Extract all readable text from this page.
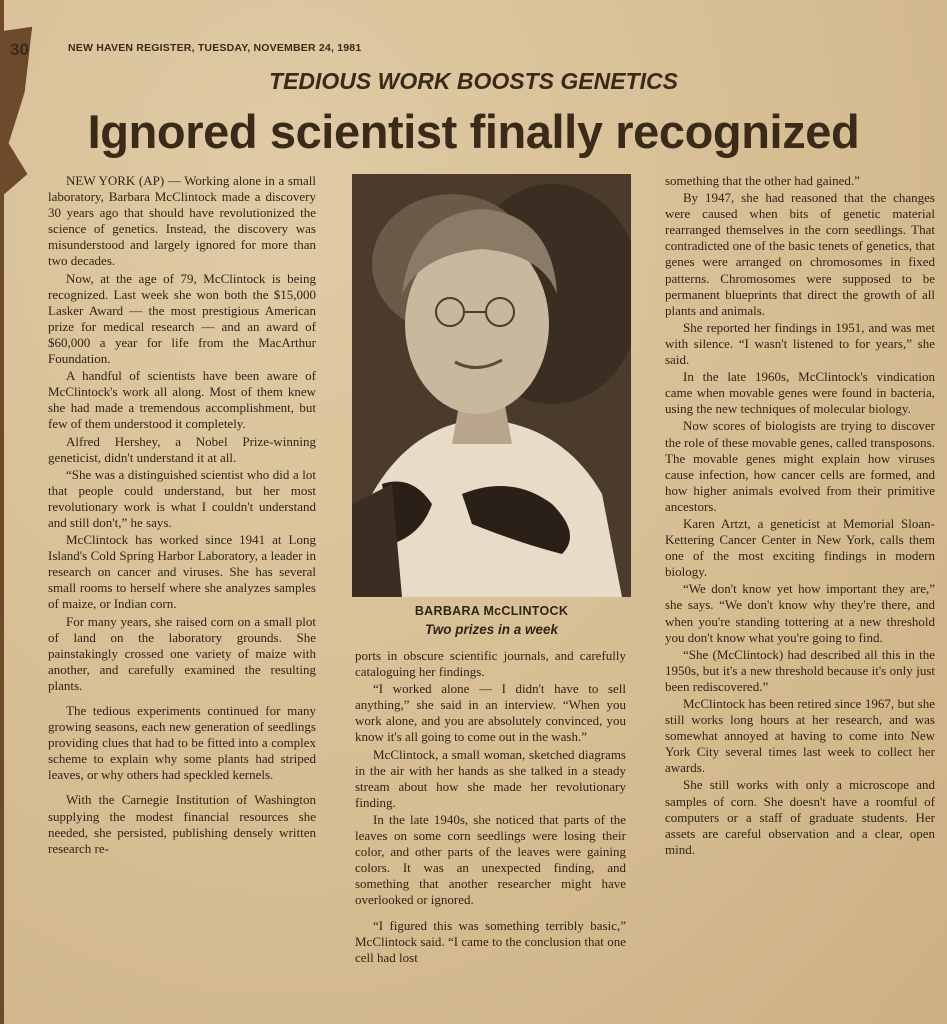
30	NEW HAVEN REGISTER, TUESDAY, NOVEMBER 24, 1981
TEDIOUS WORK BOOSTS GENETICS
Ignored scientist finally recognized

NEW YORK (AP) — Working alone in a small laboratory, Barbara McClintock made a discovery 30 years ago that should have revolutionized the science of genetics. Instead, the discovery was misunderstood and largely ignored for more than two decades.

Now, at the age of 79, McClintock is being recognized. Last week she won both the $15,000 Lasker Award — the most prestigious American prize for medical research — and an award of $60,000 a year for life from the MacArthur Foundation.

A handful of scientists have been aware of McClintock's work all along. Most of them knew she had made a tremendous accomplishment, but few of them understood it completely.

Alfred Hershey, a Nobel Prize-winning geneticist, didn't understand it at all.

“She was a distinguished scientist who did a lot that people could understand, but her most revolutionary work is what I couldn't understand and still don't,” he says.

McClintock has worked since 1941 at Long Island's Cold Spring Harbor Laboratory, a leader in research on cancer and viruses. She has several small rooms to herself where she analyzes samples of maize, or Indian corn.

For many years, she raised corn on a small plot of land on the laboratory grounds. She painstakingly crossed one variety of maize with another, and carefully examined the resulting plants.

The tedious experiments continued for many growing seasons, each new generation of seedlings providing clues that had to be fitted into a complex scheme to explain why some plants had striped leaves, or why others had speckled kernels.

With the Carnegie Institution of Washington supplying the modest financial resources she needed, she persisted, publishing densely written research re-

BARBARA McCLINTOCK
Two prizes in a week

ports in obscure scientific journals, and carefully cataloguing her findings.

“I worked alone — I didn't have to sell anything,” she said in an interview. “When you work alone, and you are absolutely convinced, you know it's all going to come out in the wash.”

McClintock, a small woman, sketched diagrams in the air with her hands as she talked in a steady stream about how she made her revolutionary finding.

In the late 1940s, she noticed that parts of the leaves on some corn seedlings were losing their color, and other parts of the leaves were gaining colors. It was an unexpected finding, and something that another researcher might have overlooked or ignored.

“I figured this was something terribly basic,” McClintock said. “I came to the conclusion that one cell had lost

something that the other had gained.”

By 1947, she had reasoned that the changes were caused when bits of genetic material rearranged themselves in the corn seedlings. That contradicted one of the basic tenets of genetics, that genes were arranged on chromosomes in fixed patterns. Chromosomes were supposed to be permanent blueprints that direct the growth of all plants and animals.

She reported her findings in 1951, and was met with silence. “I wasn't listened to for years,” she said.

In the late 1960s, McClintock's vindication came when movable genes were found in bacteria, using the new techniques of molecular biology.

Now scores of biologists are trying to discover the role of these movable genes, called transposons. The movable genes might explain how viruses cause infection, how cancer cells are formed, and how higher animals evolved from their primitive ancestors.

Karen Artzt, a geneticist at Memorial Sloan-Kettering Cancer Center in New York, calls them one of the most exciting findings in modern biology.

“We don't know yet how important they are,” she says. “We don't know why they're there, and when you're standing tottering at a new threshold you don't know what you're going to find.

“She (McClintock) had described all this in the 1950s, but it's a new threshold because it's only just been rediscovered.”

McClintock has been retired since 1967, but she still works long hours at her research, and was somewhat annoyed at having to come into New York City several times last week to collect her awards.

She still works with only a microscope and samples of corn. She doesn't have a roomful of computers or a staff of graduate students. Her assets are careful observation and a clear, open mind.
